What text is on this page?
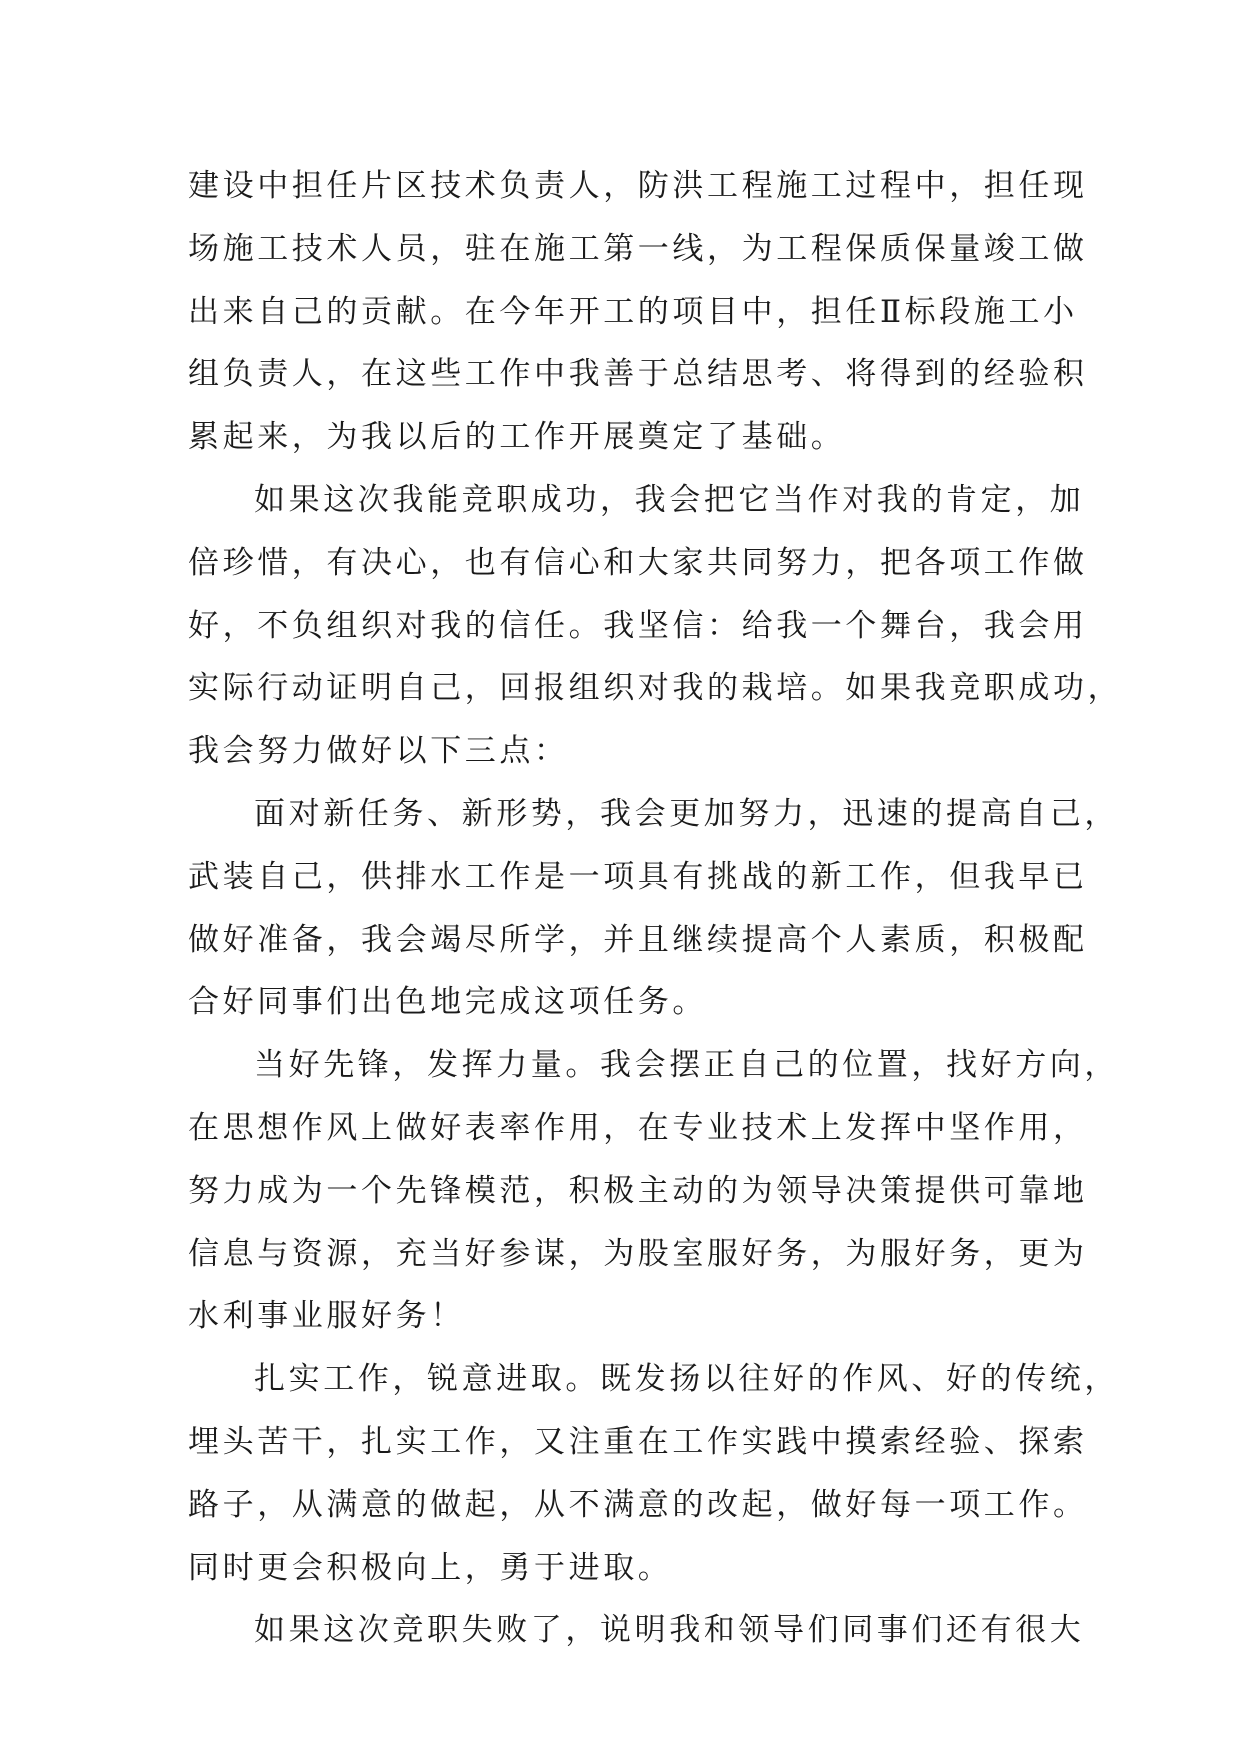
建设中担任片区技术负责人，防洪工程施工过程中，担任现
场施工技术人员，驻在施工第一线，为工程保质保量竣工做
出来自己的贡献。在今年开工的项目中，担任Ⅱ标段施工小
组负责人，在这些工作中我善于总结思考、将得到的经验积
累起来，为我以后的工作开展奠定了基础。
如果这次我能竞职成功，我会把它当作对我的肯定，加
倍珍惜，有决心，也有信心和大家共同努力，把各项工作做
好，不负组织对我的信任。我坚信：给我一个舞台，我会用
实际行动证明自己，回报组织对我的栽培。如果我竞职成功，
我会努力做好以下三点：
面对新任务、新形势，我会更加努力，迅速的提高自己，
武装自己，供排水工作是一项具有挑战的新工作，但我早已
做好准备，我会竭尽所学，并且继续提高个人素质，积极配
合好同事们出色地完成这项任务。
当好先锋，发挥力量。我会摆正自己的位置，找好方向，
在思想作风上做好表率作用，在专业技术上发挥中坚作用，
努力成为一个先锋模范，积极主动的为领导决策提供可靠地
信息与资源，充当好参谋，为股室服好务，为服好务，更为
水利事业服好务！
扎实工作，锐意进取。既发扬以往好的作风、好的传统，
埋头苦干，扎实工作，又注重在工作实践中摸索经验、探索
路子，从满意的做起，从不满意的改起，做好每一项工作。
同时更会积极向上，勇于进取。
如果这次竞职失败了，说明我和领导们同事们还有很大
